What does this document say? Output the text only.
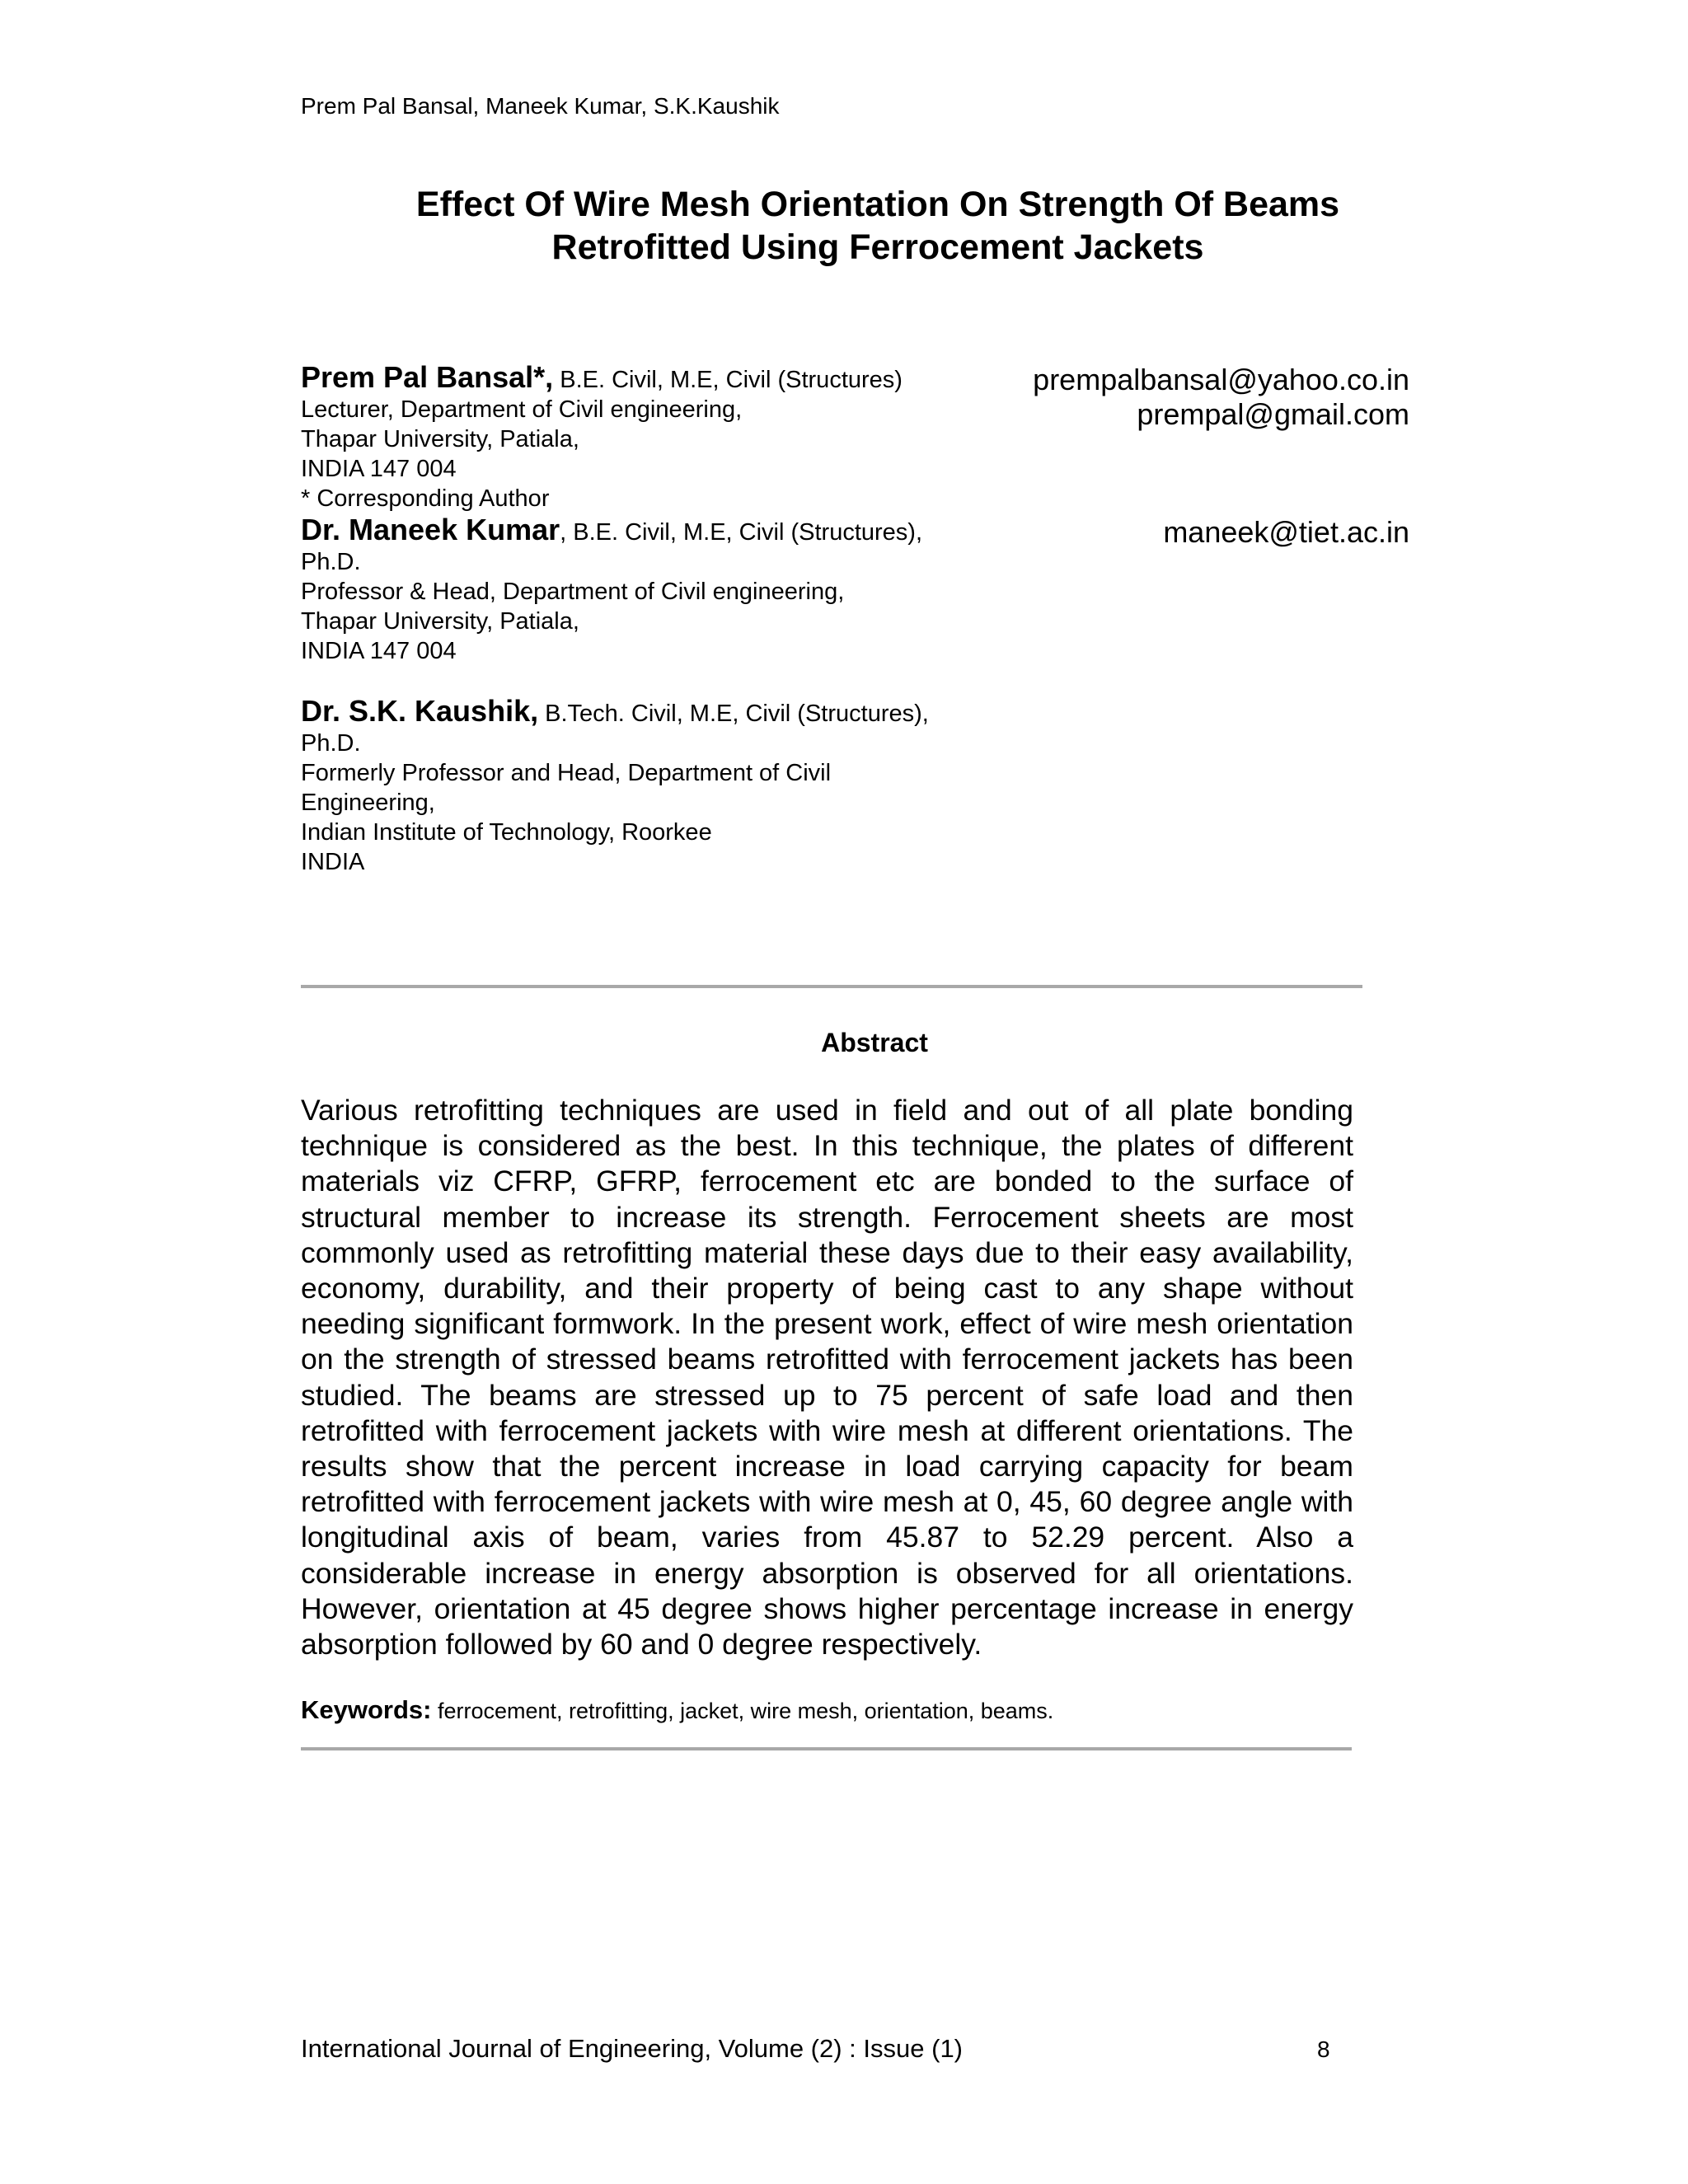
Prem Pal Bansal, Maneek Kumar, S.K.Kaushik
Effect Of Wire Mesh Orientation On Strength Of Beams
Retrofitted Using Ferrocement Jackets
Prem Pal Bansal*, B.E. Civil, M.E, Civil (Structures)
Lecturer, Department of Civil engineering,
Thapar University, Patiala,
INDIA 147 004
* Corresponding Author
prempalbansal@yahoo.co.in
prempal@gmail.com
Dr. Maneek Kumar, B.E. Civil, M.E, Civil (Structures),
Ph.D.
Professor & Head, Department of Civil engineering,
Thapar University, Patiala,
INDIA 147 004
maneek@tiet.ac.in
Dr. S.K. Kaushik, B.Tech. Civil, M.E, Civil (Structures),
Ph.D.
Formerly Professor and Head, Department of Civil
Engineering,
Indian Institute of Technology, Roorkee
INDIA
Abstract
Various retrofitting techniques are used in field and out of all plate bonding technique is considered as the best. In this technique, the plates of different materials viz CFRP, GFRP, ferrocement etc are bonded to the surface of structural member to increase its strength. Ferrocement sheets are most commonly used as retrofitting material these days due to their easy availability, economy, durability, and their property of being cast to any shape without needing significant formwork. In the present work, effect of wire mesh orientation on the strength of stressed beams retrofitted with ferrocement jackets has been studied. The beams are stressed up to 75 percent of safe load and then retrofitted with ferrocement jackets with wire mesh at different orientations. The results show that the percent increase in load carrying capacity for beam retrofitted with ferrocement jackets with wire mesh at 0, 45, 60 degree angle with longitudinal axis of beam, varies from 45.87 to 52.29 percent. Also a considerable increase in energy absorption is observed for all orientations. However, orientation at 45 degree shows higher percentage increase in energy absorption followed by 60 and 0 degree respectively.
Keywords: ferrocement, retrofitting, jacket, wire mesh, orientation, beams.
International Journal of Engineering, Volume (2) : Issue (1)	8
